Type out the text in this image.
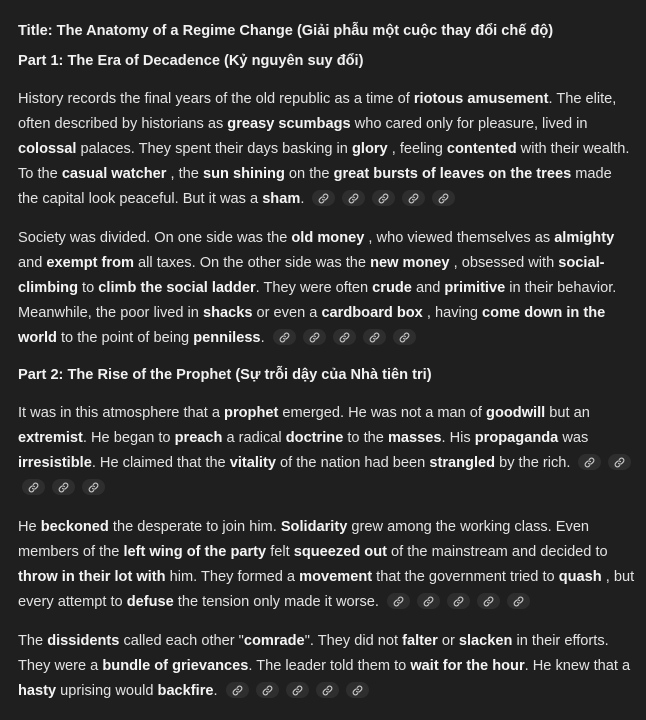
Title: The Anatomy of a Regime Change (Giải phẫu một cuộc thay đổi chế độ)
Part 1: The Era of Decadence (Kỷ nguyên suy đổi)

History records the final years of the old republic as a time of riotous amusement. The elite, often described by historians as greasy scumbags who cared only for pleasure, lived in colossal palaces. They spent their days basking in glory , feeling contented with their wealth. To the casual watcher , the sun shining on the great bursts of leaves on the trees made the capital look peaceful. But it was a sham.

Society was divided. On one side was the old money , who viewed themselves as almighty and exempt from all taxes. On the other side was the new money , obsessed with social-climbing to climb the social ladder. They were often crude and primitive in their behavior. Meanwhile, the poor lived in shacks or even a cardboard box , having come down in the world to the point of being penniless.

Part 2: The Rise of the Prophet (Sự trỗi dậy của Nhà tiên tri)

It was in this atmosphere that a prophet emerged. He was not a man of goodwill but an extremist. He began to preach a radical doctrine to the masses. His propaganda was irresistible. He claimed that the vitality of the nation had been strangled by the rich.

He beckoned the desperate to join him. Solidarity grew among the working class. Even members of the left wing of the party felt squeezed out of the mainstream and decided to throw in their lot with him. They formed a movement that the government tried to quash , but every attempt to defuse the tension only made it worse.

The dissidents called each other "comrade". They did not falter or slacken in their efforts. They were a bundle of grievances. The leader told them to wait for the hour. He knew that a hasty uprising would backfire.
